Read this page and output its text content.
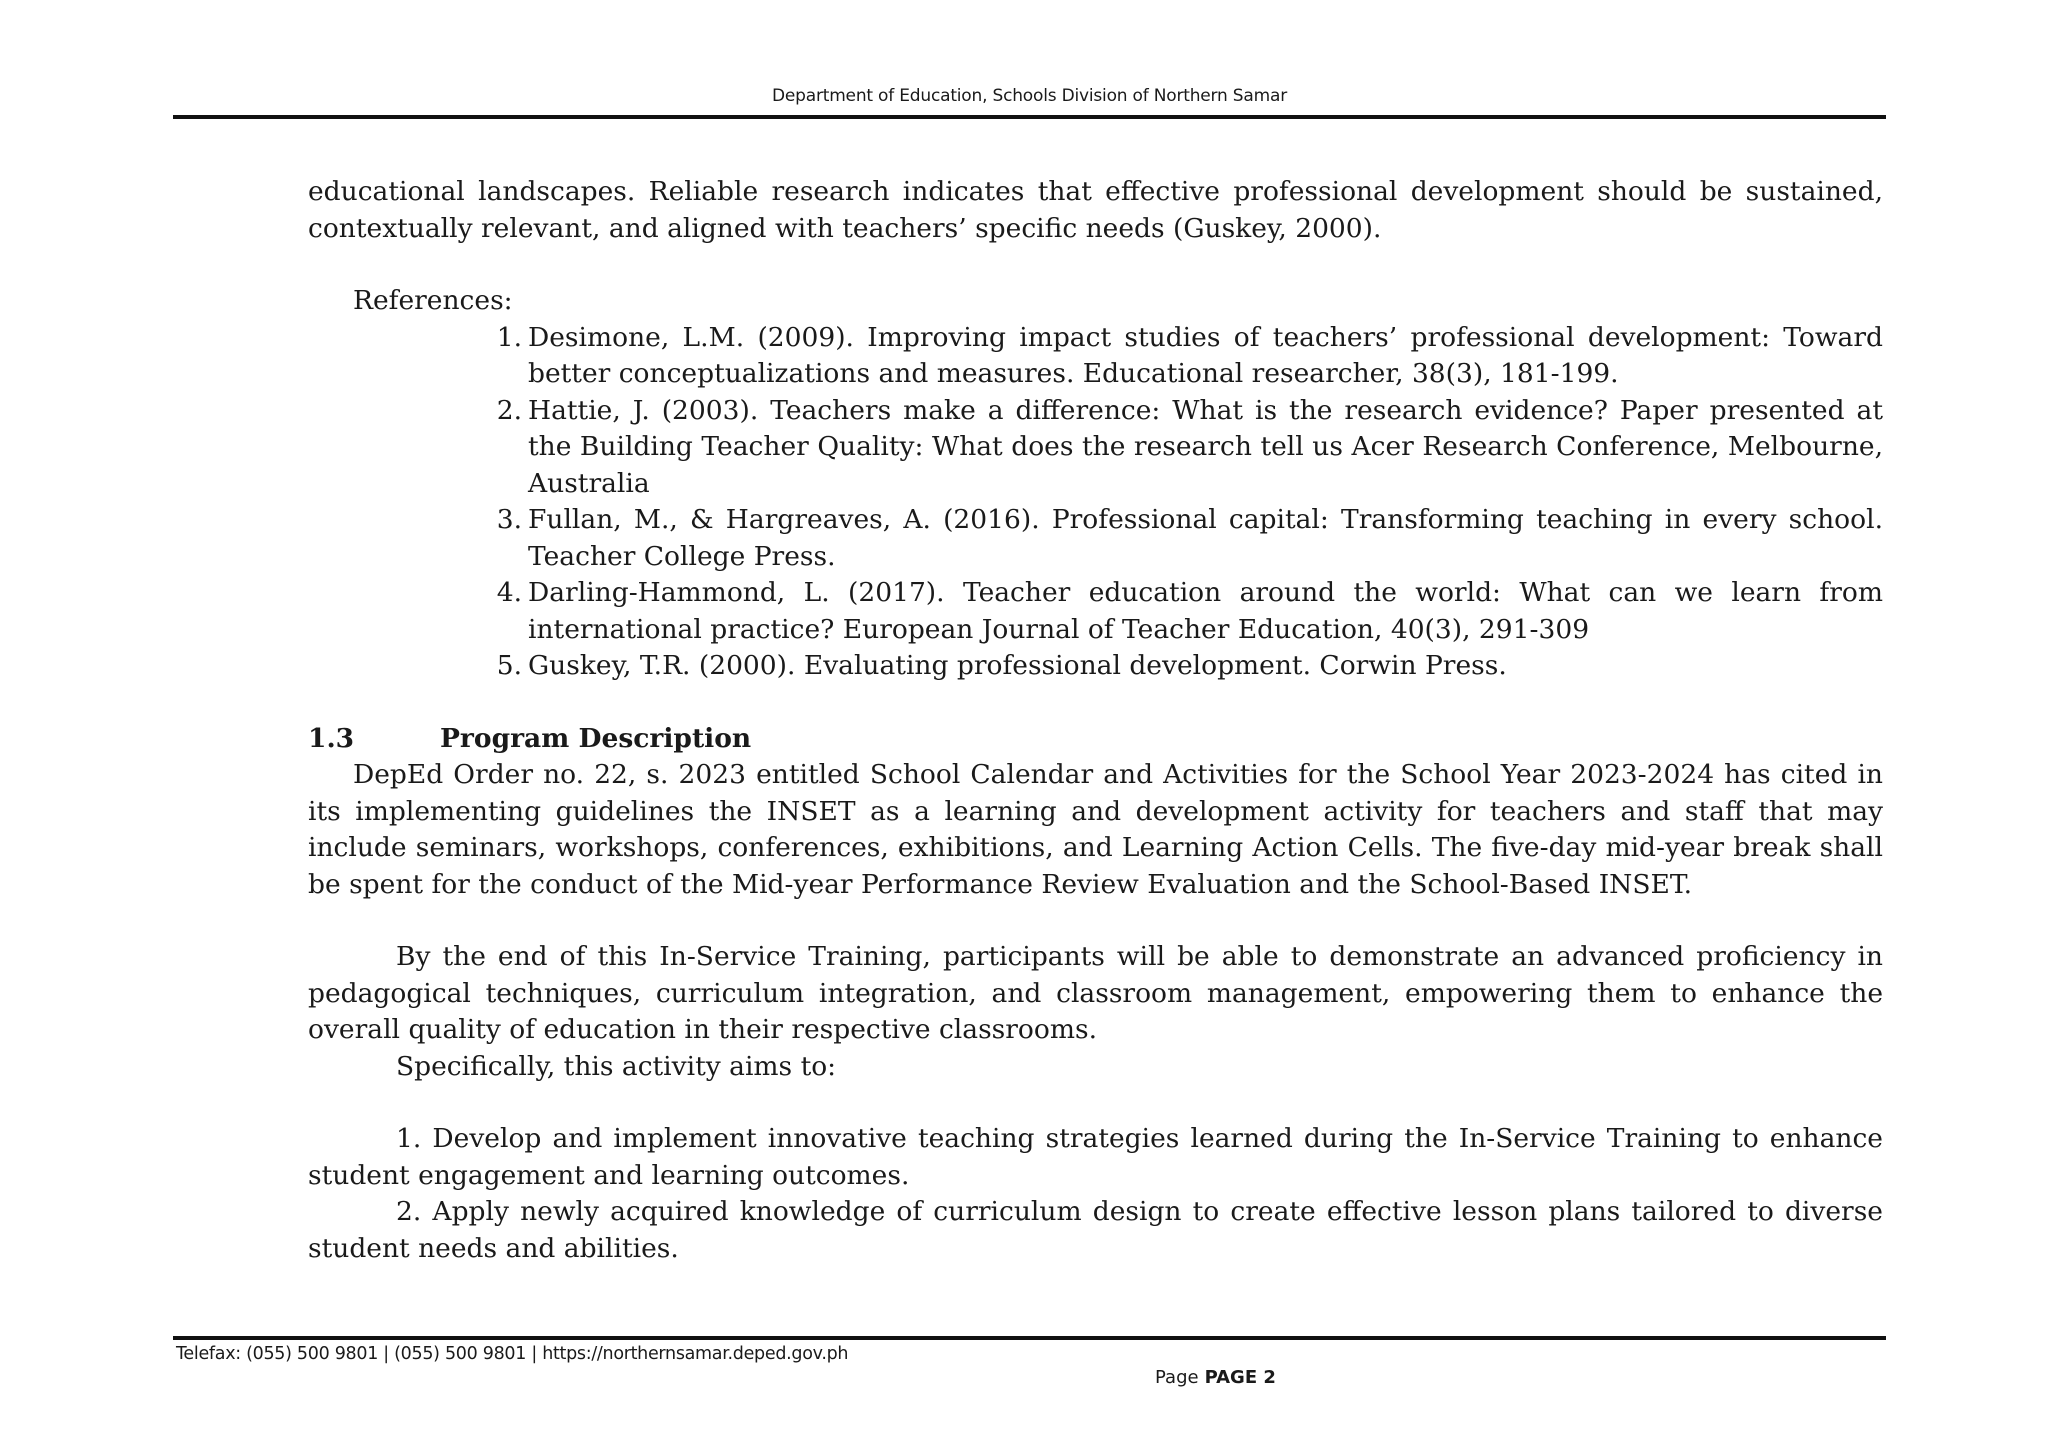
Department of Education, Schools Division of Northern Samar

educational landscapes. Reliable research indicates that effective professional development should be sustained, contextually relevant, and aligned with teachers’ specific needs (Guskey, 2000).

References:
1. Desimone, L.M. (2009). Improving impact studies of teachers’ professional development: Toward better conceptualizations and measures. Educational researcher, 38(3), 181-199.
2. Hattie, J. (2003). Teachers make a difference: What is the research evidence? Paper presented at the Building Teacher Quality: What does the research tell us Acer Research Conference, Melbourne, Australia
3. Fullan, M., & Hargreaves, A. (2016). Professional capital: Transforming teaching in every school. Teacher College Press.
4. Darling-Hammond, L. (2017). Teacher education around the world: What can we learn from international practice? European Journal of Teacher Education, 40(3), 291-309
5. Guskey, T.R. (2000). Evaluating professional development. Corwin Press.
1.3	Program Description

DepEd Order no. 22, s. 2023 entitled School Calendar and Activities for the School Year 2023-2024 has cited in its implementing guidelines the INSET as a learning and development activity for teachers and staff that may include seminars, workshops, conferences, exhibitions, and Learning Action Cells. The five-day mid-year break shall be spent for the conduct of the Mid-year Performance Review Evaluation and the School-Based INSET.

By the end of this In-Service Training, participants will be able to demonstrate an advanced proficiency in pedagogical techniques, curriculum integration, and classroom management, empowering them to enhance the overall quality of education in their respective classrooms.

Specifically, this activity aims to:

1. Develop and implement innovative teaching strategies learned during the In-Service Training to enhance student engagement and learning outcomes.

2. Apply newly acquired knowledge of curriculum design to create effective lesson plans tailored to diverse student needs and abilities.

Telefax: (055) 500 9801 | (055) 500 9801 | https://northernsamar.deped.gov.ph
Page PAGE 2
